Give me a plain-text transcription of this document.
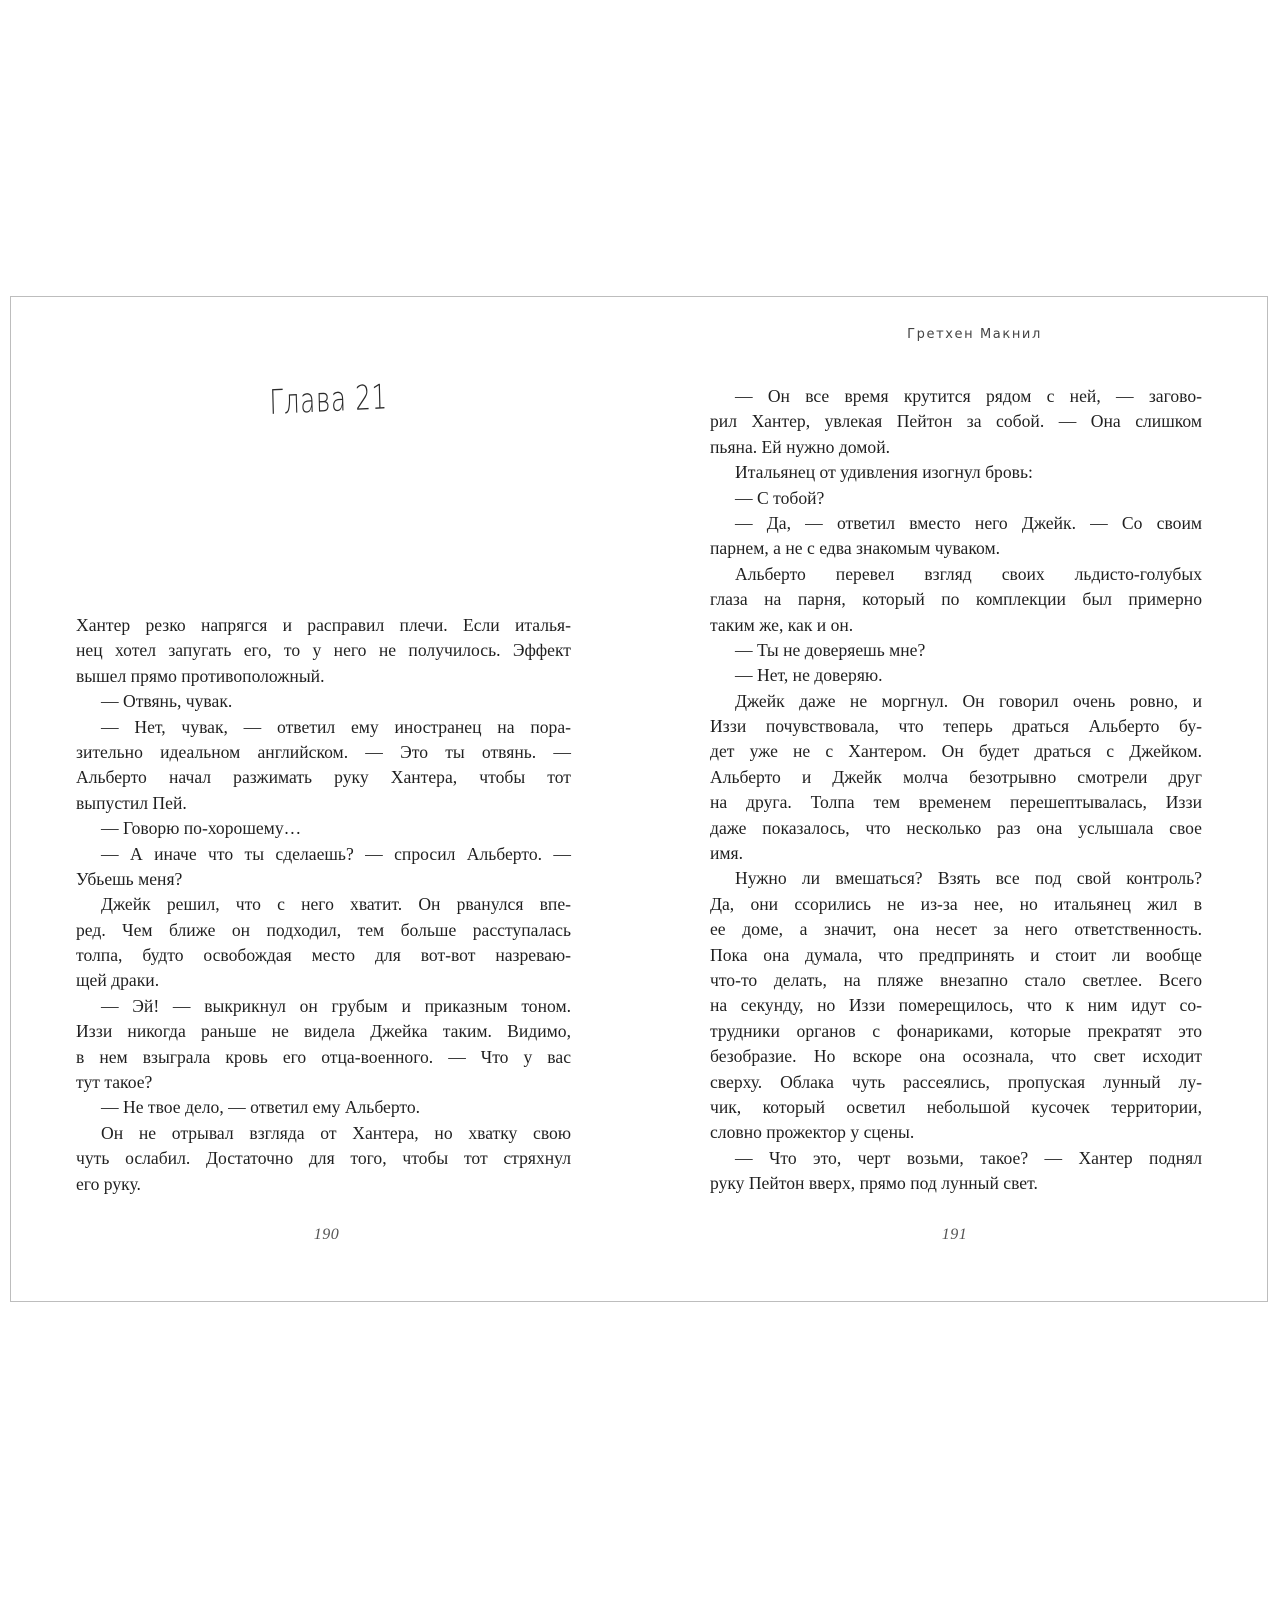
Глава 21
Хантер резко напрягся и расправил плечи. Если италья-
нец хотел запугать его, то у него не получилось. Эффект
вышел прямо противоположный.
— Отвянь, чувак.
— Нет, чувак, — ответил ему иностранец на пора-
зительно идеальном английском. — Это ты отвянь. —
Альберто начал разжимать руку Хантера, чтобы тот
выпустил Пей.
— Говорю по-хорошему…
— А иначе что ты сделаешь? — спросил Альберто. —
Убьешь меня?
Джейк решил, что с него хватит. Он рванулся впе-
ред. Чем ближе он подходил, тем больше расступалась
толпа, будто освобождая место для вот-вот назреваю-
щей драки.
— Эй! — выкрикнул он грубым и приказным тоном.
Иззи никогда раньше не видела Джейка таким. Видимо,
в нем взыграла кровь его отца-военного. — Что у вас
тут такое?
— Не твое дело, — ответил ему Альберто.
Он не отрывал взгляда от Хантера, но хватку свою
чуть ослабил. Достаточно для того, чтобы тот стряхнул
его руку.
190
Гретхен Макнил
— Он все время крутится рядом с ней, — загово-
рил Хантер, увлекая Пейтон за собой. — Она слишком
пьяна. Ей нужно домой.
Итальянец от удивления изогнул бровь:
— С тобой?
— Да, — ответил вместо него Джейк. — Со своим
парнем, а не с едва знакомым чуваком.
Альберто перевел взгляд своих льдисто-голубых
глаза на парня, который по комплекции был примерно
таким же, как и он.
— Ты не доверяешь мне?
— Нет, не доверяю.
Джейк даже не моргнул. Он говорил очень ровно, и
Иззи почувствовала, что теперь драться Альберто бу-
дет уже не с Хантером. Он будет драться с Джейком.
Альберто и Джейк молча безотрывно смотрели друг
на друга. Толпа тем временем перешептывалась, Иззи
даже показалось, что несколько раз она услышала свое
имя.
Нужно ли вмешаться? Взять все под свой контроль?
Да, они ссорились не из-за нее, но итальянец жил в
ее доме, а значит, она несет за него ответственность.
Пока она думала, что предпринять и стоит ли вообще
что-то делать, на пляже внезапно стало светлее. Всего
на секунду, но Иззи померещилось, что к ним идут со-
трудники органов с фонариками, которые прекратят это
безобразие. Но вскоре она осознала, что свет исходит
сверху. Облака чуть рассеялись, пропуская лунный лу-
чик, который осветил небольшой кусочек территории,
словно прожектор у сцены.
— Что это, черт возьми, такое? — Хантер поднял
руку Пейтон вверх, прямо под лунный свет.
191
